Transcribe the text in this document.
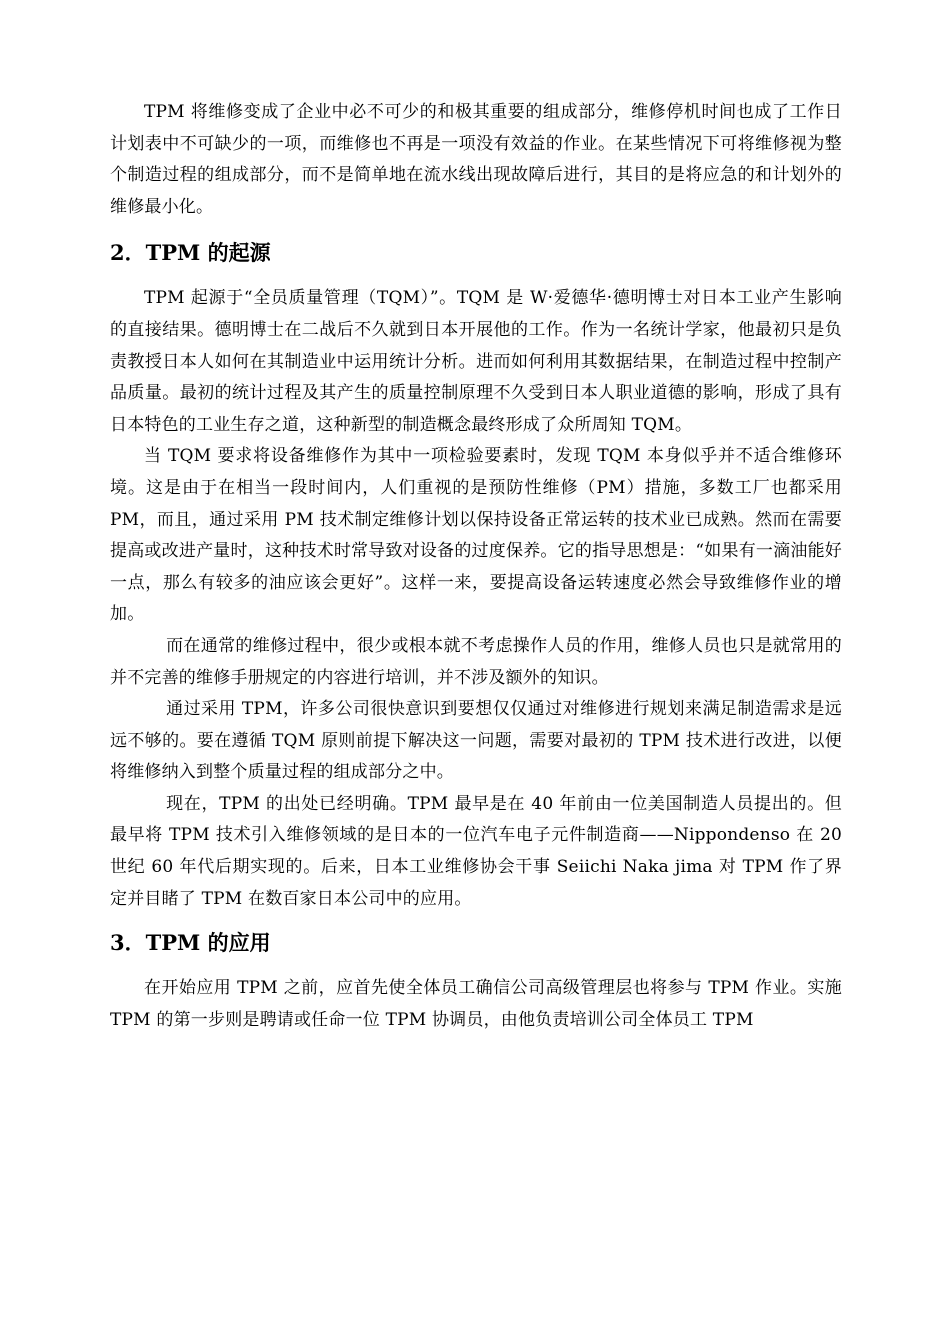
TPM 将维修变成了企业中必不可少的和极其重要的组成部分，维修停机时间也成了工作日计划表中不可缺少的一项，而维修也不再是一项没有效益的作业。在某些情况下可将维修视为整个制造过程的组成部分，而不是简单地在流水线出现故障后进行，其目的是将应急的和计划外的维修最小化。

2．TPM 的起源

TPM 起源于“全员质量管理（TQM）”。TQM 是 W·爱德华·德明博士对日本工业产生影响的直接结果。德明博士在二战后不久就到日本开展他的工作。作为一名统计学家，他最初只是负责教授日本人如何在其制造业中运用统计分析。进而如何利用其数据结果，在制造过程中控制产品质量。最初的统计过程及其产生的质量控制原理不久受到日本人职业道德的影响，形成了具有日本特色的工业生存之道，这种新型的制造概念最终形成了众所周知 TQM。

当 TQM 要求将设备维修作为其中一项检验要素时，发现 TQM 本身似乎并不适合维修环境。这是由于在相当一段时间内，人们重视的是预防性维修（PM）措施，多数工厂也都采用 PM，而且，通过采用 PM 技术制定维修计划以保持设备正常运转的技术业已成熟。然而在需要提高或改进产量时，这种技术时常导致对设备的过度保养。它的指导思想是：“如果有一滴油能好一点，那么有较多的油应该会更好”。这样一来，要提高设备运转速度必然会导致维修作业的增加。

而在通常的维修过程中，很少或根本就不考虑操作人员的作用，维修人员也只是就常用的并不完善的维修手册规定的内容进行培训，并不涉及额外的知识。

通过采用 TPM，许多公司很快意识到要想仅仅通过对维修进行规划来满足制造需求是远远不够的。要在遵循 TQM 原则前提下解决这一问题，需要对最初的 TPM 技术进行改进，以便将维修纳入到整个质量过程的组成部分之中。

现在，TPM 的出处已经明确。TPM 最早是在 40 年前由一位美国制造人员提出的。但最早将 TPM 技术引入维修领域的是日本的一位汽车电子元件制造商——Nippondenso 在 20 世纪 60 年代后期实现的。后来，日本工业维修协会干事 Seiichi Naka jima 对 TPM 作了界定并目睹了 TPM 在数百家日本公司中的应用。

3．TPM 的应用

在开始应用 TPM 之前，应首先使全体员工确信公司高级管理层也将参与 TPM 作业。实施 TPM 的第一步则是聘请或任命一位 TPM 协调员，由他负责培训公司全体员工 TPM
